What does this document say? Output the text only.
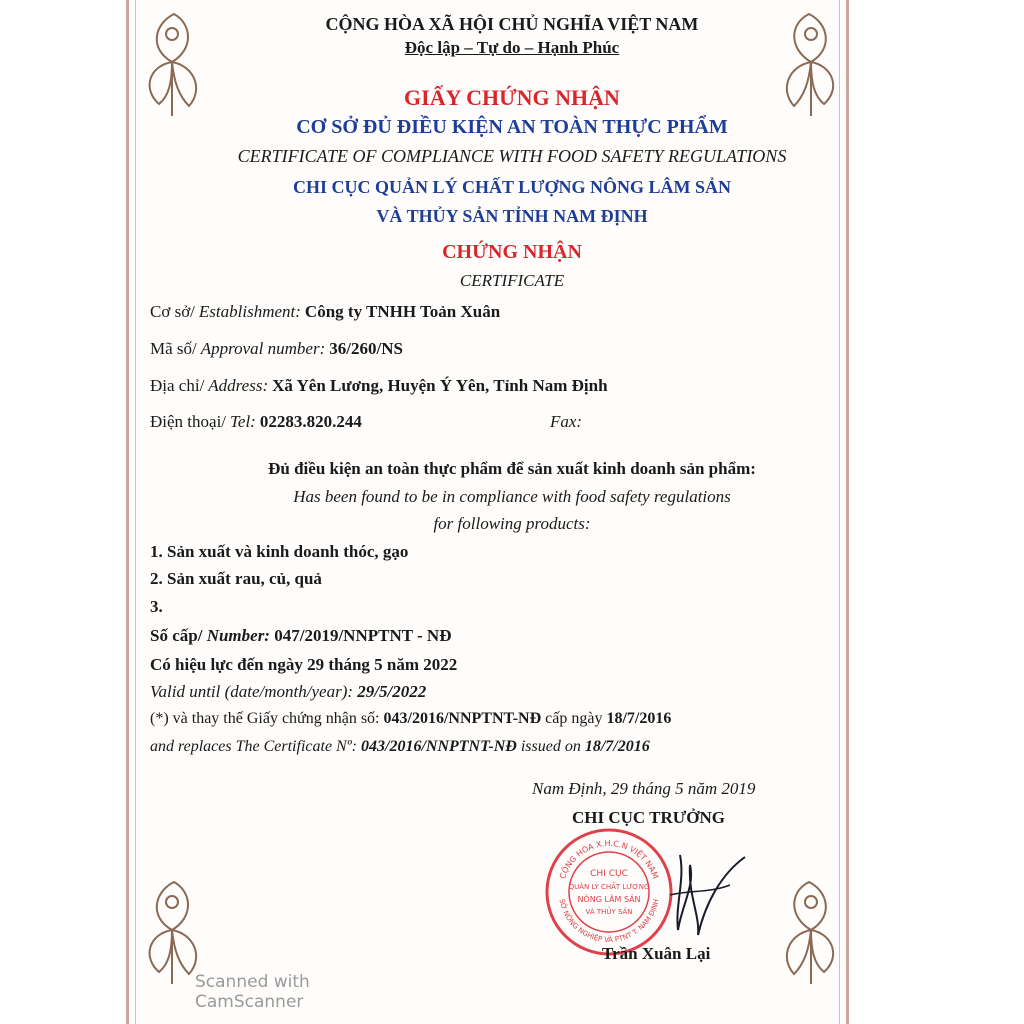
CỘNG HÒA XÃ HỘI CHỦ NGHĨA VIỆT NAM
Độc lập – Tự do – Hạnh Phúc
GIẤY CHỨNG NHẬN
CƠ SỞ ĐỦ ĐIỀU KIỆN AN TOÀN THỰC PHẨM
CERTIFICATE OF COMPLIANCE WITH FOOD SAFETY REGULATIONS
CHI CỤC QUẢN LÝ CHẤT LƯỢNG NÔNG LÂM SẢN
VÀ THỦY SẢN TỈNH NAM ĐỊNH
CHỨNG NHẬN
CERTIFICATE
Cơ sở/ Establishment: Công ty TNHH Toản Xuân
Mã số/ Approval number: 36/260/NS
Địa chỉ/ Address: Xã Yên Lương, Huyện Ý Yên, Tỉnh Nam Định
Điện thoại/ Tel: 02283.820.244	Fax:
Đủ điều kiện an toàn thực phẩm để sản xuất kinh doanh sản phẩm:
Has been found to be in compliance with food safety regulations
for following products:
1. Sản xuất và kinh doanh thóc, gạo
2. Sản xuất rau, củ, quả
3.
Số cấp/ Number: 047/2019/NNPTNT - NĐ
Có hiệu lực đến ngày 29 tháng 5 năm 2022
Valid until (date/month/year): 29/5/2022
(*) và thay thế Giấy chứng nhận số: 043/2016/NNPTNT-NĐ cấp ngày 18/7/2016
and replaces The Certificate Nº: 043/2016/NNPTNT-NĐ issued on 18/7/2016
Nam Định, 29 tháng 5 năm 2019
CHI CỤC TRƯỞNG
CỘNG HÒA X.H.C.N VIỆT NAM
SỞ NÔNG NGHIỆP VÀ PTNT T. NAM ĐỊNH
CHI CỤC
QUẢN LÝ CHẤT LƯỢNG
NÔNG LÂM SẢN
VÀ THỦY SẢN
Trần Xuân Lại
Scanned with
CamScanner
